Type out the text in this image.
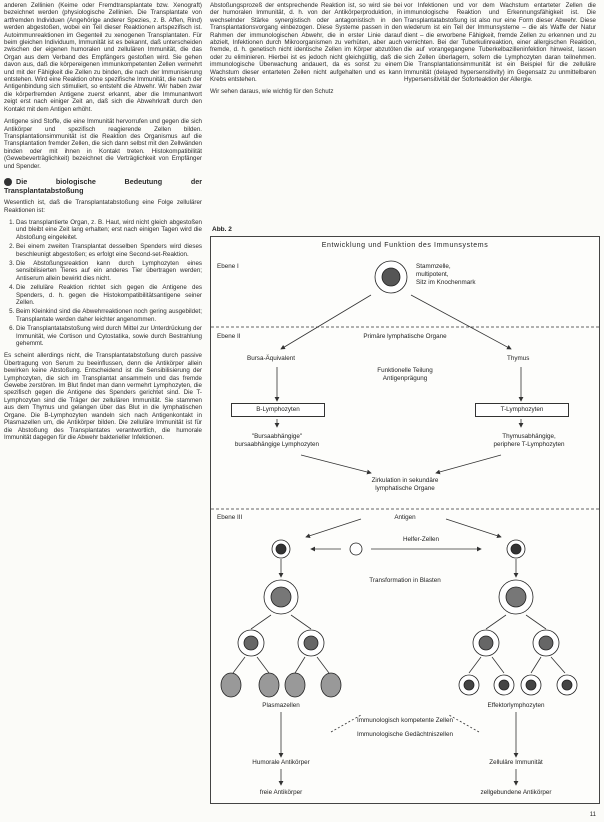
anderen Zellinien (Keime oder Fremdtransplantate bzw. Xenograft) bezeichnet werden (physiologische Zellinien. Die Transplantate von artfremden Individuen (Angehörige anderer Spezies, z. B. Affen, Rind) werden abgestoßen, wobei ein Teil dieser Reaktionen artspezifisch ist. Autoimmunreaktionen im Gegenteil zu xenogenen Transplantaten. Für beim gleichen Individuum, Immunität ist es bekannt, daß unterscheiden zwischen der eigenen humoralen und zellulären Immunität, die das Organ aus dem Verband des Empfängers gestoßen wird. Sie gehen davon aus, daß die körpereigenen immunkompetenten Zellen vermehrt und mit der Fähigkeit die Zellen zu binden, die nach der Immunisierung entstehen. Wird eine Reaktion ohne spezifische Immunität, die nach der Antigenbindung sich stimuliert, so entsteht die Abwehr. Wir haben zwar die körperfremden Antigene zuerst erkannt, aber die Immunantwort zeigt erst nach einiger Zeit an, daß sich die Abwehrkraft durch den Kontakt mit dem Antigen erhöht.

Antigene sind Stoffe, die eine Immunität hervorrufen und gegen die sich Antikörper und spezifisch reagierende Zellen bilden. Transplantationsimmunität ist die Reaktion des Organismus auf die Transplantation fremder Zellen, die sich dann selbst mit den Zellwänden binden oder mit ihnen in Kontakt treten. Histokompatibilität (Gewebeverträglichkeit) bezeichnet die Verträglichkeit von Empfänger und Spender.

Die biologische Bedeutung der Transplantatabstoßung

Wesentlich ist, daß die Transplantatabstoßung eine Folge zellulärer Reaktionen ist:

1. Das transplantierte Organ, z. B. Haut, wird nicht gleich abgestoßen und bleibt eine Zeit lang erhalten; erst nach einigen Tagen wird die Abstoßung eingeleitet.
2. Bei einem zweiten Transplantat desselben Spenders wird dieses beschleunigt abgestoßen; es erfolgt eine Second-set-Reaktion.
3. Die Abstoßungsreaktion kann durch Lymphozyten eines sensibilisierten Tieres auf ein anderes Tier übertragen werden; Antiserum allein bewirkt dies nicht.
4. Die zelluläre Reaktion richtet sich gegen die Antigene des Spenders, d. h. gegen die Histokompatibilitätsantigene seiner Zellen.
5. Beim Kleinkind sind die Abwehrreaktionen noch gering ausgebildet; Transplantate werden daher leichter angenommen.
6. Die Transplantatabstoßung wird durch Mittel zur Unterdrückung der Immunität, wie Cortison und Cytostatika, sowie durch Bestrahlung gehemmt.

Es scheint allerdings nicht, die Transplantatabstoßung durch passive Übertragung von Serum zu beeinflussen, denn die Antikörper allein bewirken keine Abstoßung. Entscheidend ist die Sensibilisierung der Lymphozyten, die sich im Transplantat ansammeln und das fremde Gewebe zerstören. Im Blut findet man dann vermehrt Lymphozyten, die spezifisch gegen die Antigene des Spenders gerichtet sind. Die T-Lymphozyten sind die Träger der zellulären Immunität. Sie stammen aus dem Thymus und gelangen über das Blut in die lymphatischen Organe. Die B-Lymphozyten wandeln sich nach Antigenkontakt in Plasmazellen um, die Antikörper bilden. Die zelluläre Immunität ist für die Abstoßung des Transplantates verantwortlich, die humorale Immunität dagegen für die Abwehr bakterieller Infektionen.

Abstoßungsprozeß der entsprechende Reaktion ist, so wird sie bei der humoralen Immunität, d. h. von der Antikörperproduktion, in wechselnder Stärke synergistisch oder antagonistisch in den Transplantationsvorgang einbezogen. Diese Systeme passen in den Rahmen der immunologischen Abwehr, die in erster Linie darauf abzielt, Infektionen durch Mikroorganismen zu verhüten, aber auch fremde, d. h. genetisch nicht identische Zellen im Körper abzutöten oder zu eliminieren. Hierbei ist es jedoch nicht gleichgültig, daß die immunologische Überwachung andauert, da es sonst zu einem Wachstum dieser entarteten Zellen nicht aufgehalten und es kann Krebs entstehen.

Wir sehen daraus, wie wichtig für den Schutz

vor Infektionen und vor dem Wachstum entarteter Zellen die immunologische Reaktion und Erkennungsfähigkeit ist. Die Transplantatabstoßung ist also nur eine Form dieser Abwehr. Diese wiederum ist ein Teil der Immunsysteme – die als Waffe der Natur dient – die erworbene Fähigkeit, fremde Zellen zu erkennen und zu vernichten. Bei der Tuberkulinreaktion, einer allergischen Reaktion, die auf vorangegangene Tuberkelbazilleninfektion hinweist, lassen sich Zellen überlagern, sofern die Lymphozyten daran teilnehmen. Die Transplantationsimmunität ist ein Beispiel für die zelluläre Immunität (delayed hypersensitivity) im Gegensatz zu unmittelbaren Hypersensitivität der Soforteaktion der Allergie.

Abb. 2
Entwicklung und Funktion des Immunsystems
Ebene I	Stammzelle,
multipotent,
Sitz im Knochenmark
Ebene II	Primäre lymphatische Organe
Bursa-Äquivalent	Thymus
Funktionelle Teilung
Antigenprägung
B-Lymphozyten	T-Lymphozyten
"Bursaabhängige"
bursaabhängige Lymphozyten
Thymusabhängige,
periphere T-Lymphozyten
Zirkulation in sekundäre
lymphatische Organe
Ebene III	Antigen
Helfer-Zellen
Transformation in Blasten
Plasmazellen	Effektorlymphozyten
Immunologisch kompetente Zellen
Immunologische Gedächtniszellen
Humorale Antikörper	Zelluläre Immunität
freie Antikörper	zellgebundene Antikörper
11
